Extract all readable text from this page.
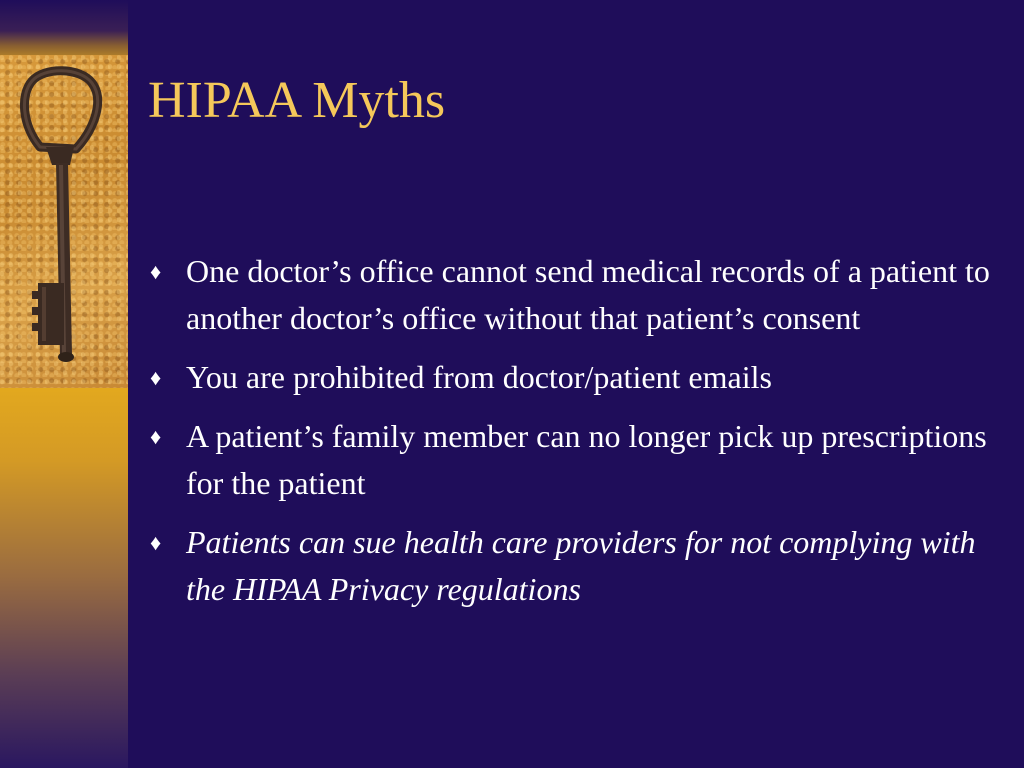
HIPAA Myths
♦ One doctor’s office cannot send medical records of a patient to another doctor’s office without that patient’s consent
♦ You are prohibited from doctor/patient emails
♦ A patient’s family member can no longer pick up prescriptions for the patient
♦ Patients can sue health care providers for not complying with the HIPAA Privacy regulations
